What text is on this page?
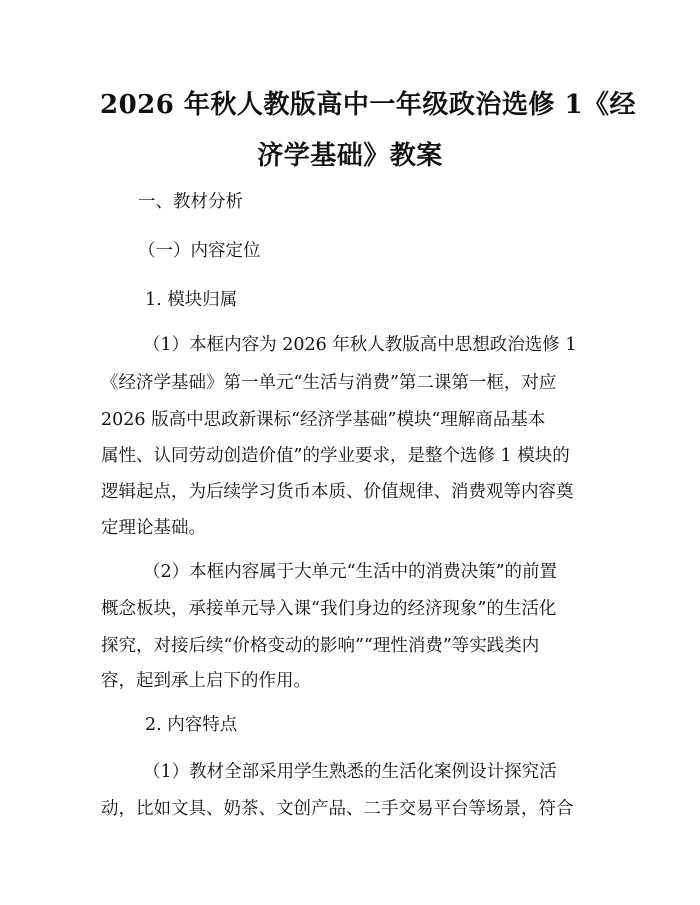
2026 年秋人教版高中一年级政治选修 1《经
济学基础》教案
一、教材分析
（一）内容定位
1. 模块归属
（1）本框内容为 2026 年秋人教版高中思想政治选修 1
《经济学基础》第一单元“生活与消费”第二课第一框，对应
2026 版高中思政新课标“经济学基础”模块“理解商品基本
属性、认同劳动创造价值”的学业要求，是整个选修 1 模块的
逻辑起点，为后续学习货币本质、价值规律、消费观等内容奠
定理论基础。
（2）本框内容属于大单元“生活中的消费决策”的前置
概念板块，承接单元导入课“我们身边的经济现象”的生活化
探究，对接后续“价格变动的影响”“理性消费”等实践类内
容，起到承上启下的作用。
2. 内容特点
（1）教材全部采用学生熟悉的生活化案例设计探究活
动，比如文具、奶茶、文创产品、二手交易平台等场景，符合
